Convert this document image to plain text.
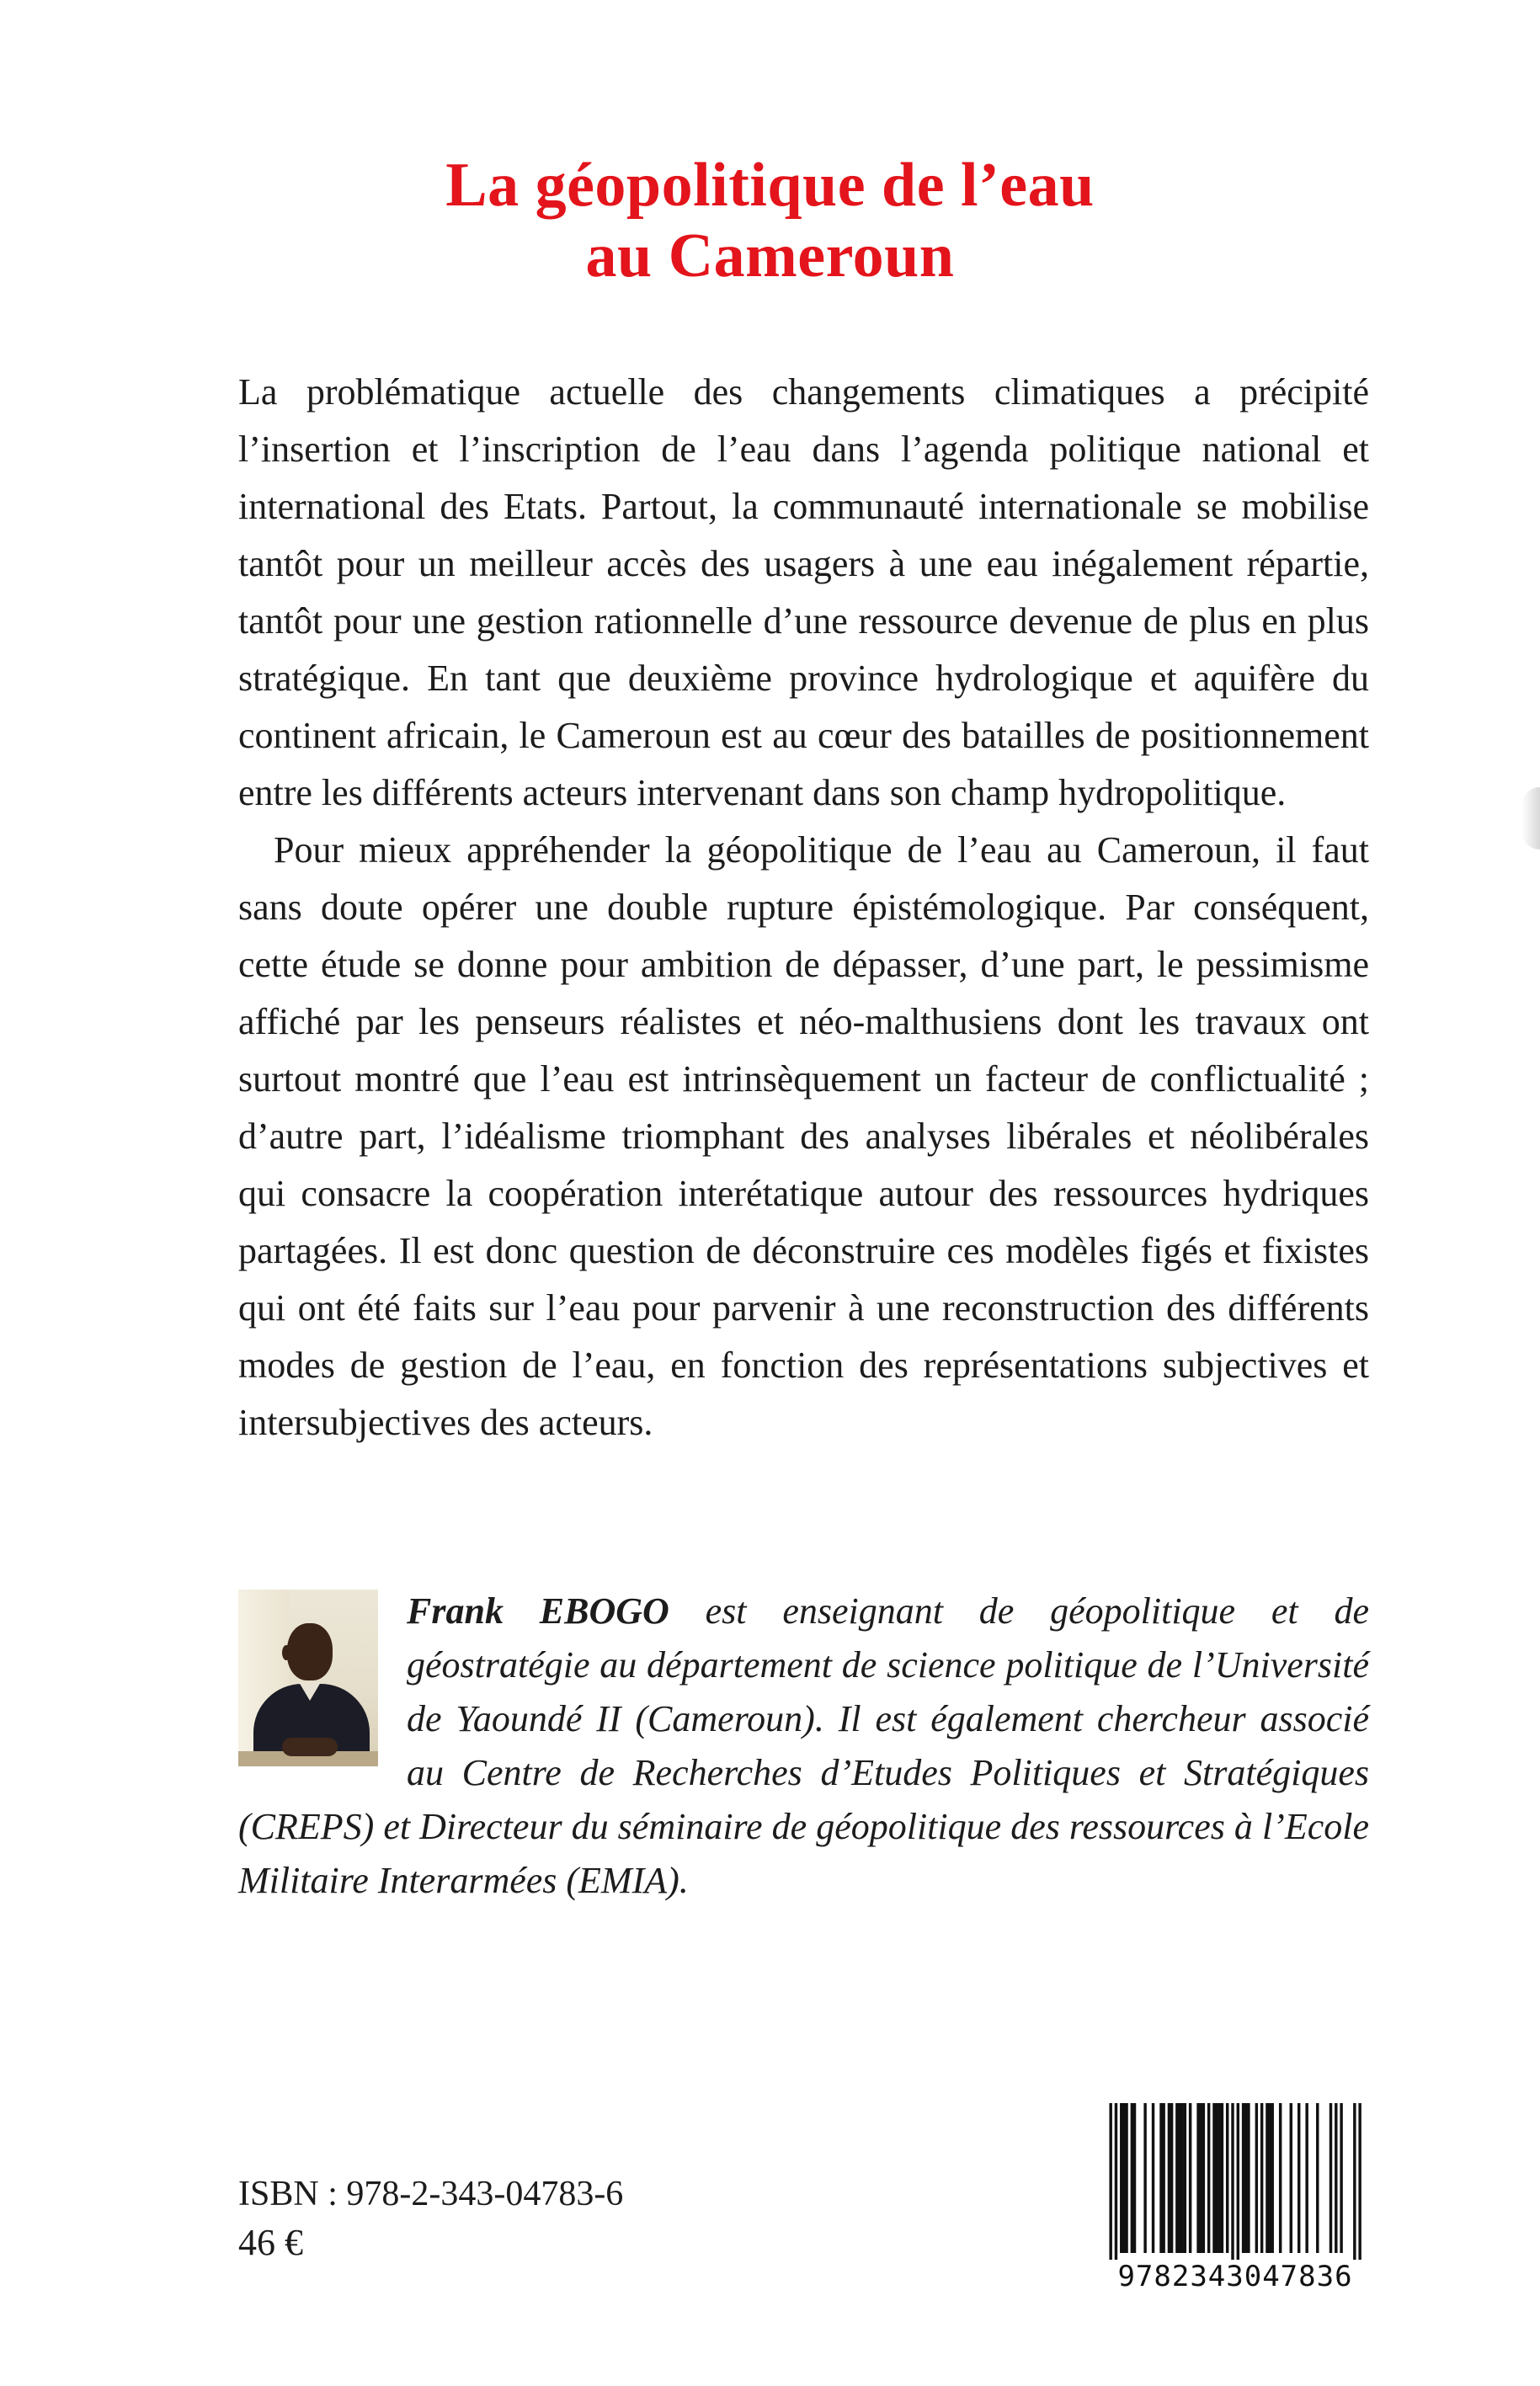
La géopolitique de l’eau
au Cameroun

La problématique actuelle des changements climatiques a précipité l’insertion et l’inscription de l’eau dans l’agenda politique national et international des Etats. Partout, la communauté internationale se mobilise tantôt pour un meilleur accès des usagers à une eau inégalement répartie, tantôt pour une gestion rationnelle d’une ressource devenue de plus en plus stratégique. En tant que deuxième province hydrologique et aquifère du continent africain, le Cameroun est au cœur des batailles de positionnement entre les différents acteurs intervenant dans son champ hydropolitique.

Pour mieux appréhender la géopolitique de l’eau au Cameroun, il faut sans doute opérer une double rupture épistémologique. Par conséquent, cette étude se donne pour ambition de dépasser, d’une part, le pessimisme affiché par les penseurs réalistes et néo-malthusiens dont les travaux ont surtout montré que l’eau est intrinsèquement un facteur de conflictualité ; d’autre part, l’idéalisme triomphant des analyses libérales et néolibérales qui consacre la coopération interétatique autour des ressources hydriques partagées. Il est donc question de déconstruire ces modèles figés et fixistes qui ont été faits sur l’eau pour parvenir à une reconstruction des différents modes de gestion de l’eau, en fonction des représentations subjectives et intersubjectives des acteurs.

Frank EBOGO est enseignant de géopolitique et de géostratégie au département de science politique de l’Université de Yaoundé II (Cameroun). Il est également chercheur associé au Centre de Recherches d’Etudes Politiques et Stratégiques (CREPS) et Directeur du séminaire de géopolitique des ressources à l’Ecole Militaire Interarmées (EMIA).

ISBN : 978-2-343-04783-6
46 €
9782343047836
